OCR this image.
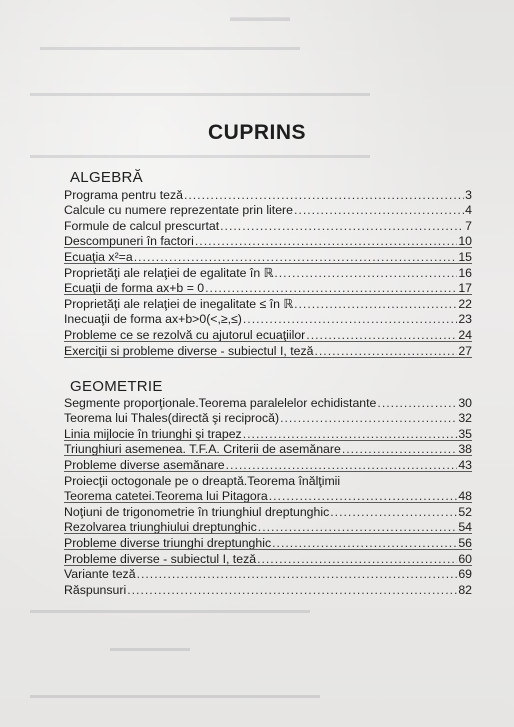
▬▬▬▬▬
▬▬▬▬▬▬▬▬▬▬▬▬▬▬▬▬▬▬▬▬▬▬▬▬▬▬
▬▬▬▬▬▬▬▬▬▬▬▬▬▬▬▬▬▬▬▬▬▬▬▬▬▬▬▬▬▬▬▬▬▬
▬▬▬▬▬▬▬▬▬▬▬▬▬▬▬▬▬▬▬▬▬▬▬▬▬▬▬▬▬▬▬▬▬▬
▬▬▬▬▬▬▬▬▬▬▬▬▬▬▬▬▬▬▬▬▬▬▬▬▬▬▬▬
▬▬▬▬▬▬▬▬
▬▬▬▬▬▬▬▬▬▬▬▬▬▬▬▬▬▬▬▬▬▬▬▬▬▬▬▬▬
CUPRINS
ALGEBRĂ
Programa pentru teză .....	3
Calcule cu numere reprezentate prin litere .....	4
Formule de calcul prescurtat .....	7
Descompuneri în factori .....	10
Ecuaţia x²=a .....	15
Proprietăţi ale relaţiei de egalitate în ℝ .....	16
Ecuaţii de forma ax+b = 0 .....	17
Proprietăţi ale relaţiei de inegalitate ≤ în ℝ .....	22
Inecuaţii de forma ax+b>0(<,≥,≤) .....	23
Probleme ce se rezolvă cu ajutorul ecuaţiilor .....	24
Exerciţii si probleme diverse - subiectul I, teză .....	27
GEOMETRIE
Segmente proporţionale.Teorema paralelelor echidistante .....	30
Teorema lui Thales(directă şi reciprocă) .....	32
Linia mijlocie în triunghi şi trapez .....	35
Triunghiuri asemenea. T.F.A. Criterii de asemănare .....	38
Probleme diverse asemănare .....	43
Proiecţii octogonale pe o dreaptă.Teorema înălţimii
Teorema catetei.Teorema lui Pitagora .....	48
Noţiuni de trigonometrie în triunghiul dreptunghic .....	52
Rezolvarea triunghiului dreptunghic .....	54
Probleme diverse triunghi dreptunghic .....	56
Probleme diverse - subiectul I, teză .....	60
Variante teză .....	69
Răspunsuri .....	82
